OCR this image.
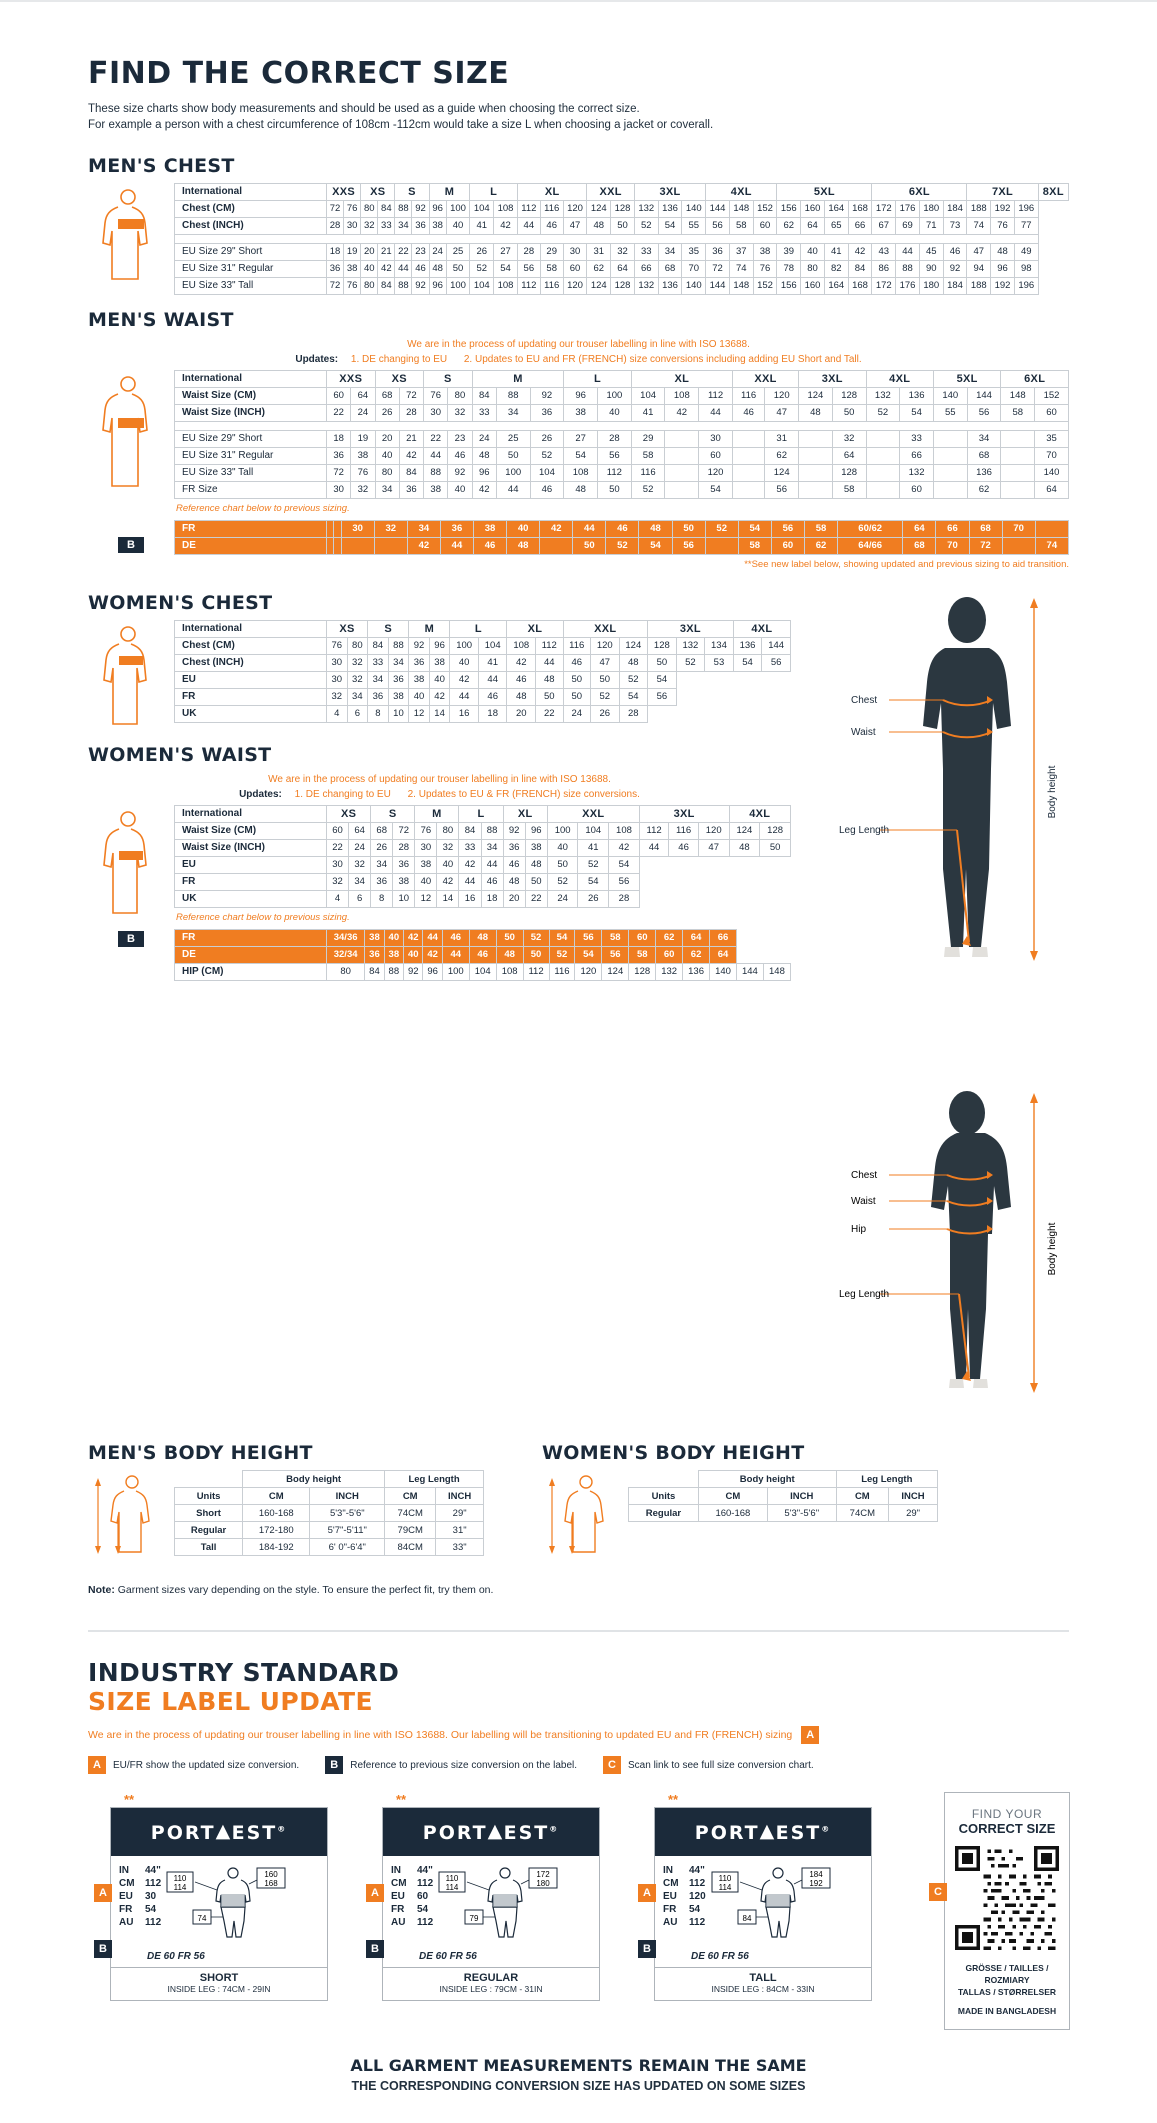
FIND THE CORRECT SIZE
These size charts show body measurements and should be used as a guide when choosing the correct size.
For example a person with a chest circumference of 108cm -112cm would take a size L when choosing a jacket or coverall.
MEN'S CHEST
International	XXS		XS		S		M		L		XL			XXL		3XL			4XL			5XL				6XL				7XL			8XL
Chest (CM)	72	76	80	84	88	92	96	100	104	108	112	116	120	124	128	132	136	140	144	148	152	156	160	164	168	172	176	180	184	188	192	196	
Chest (INCH)	28	30	32	33	34	36	38	40	41	42	44	46	47	48	50	52	54	55	56	58	60	62	64	65	66	67	69	71	73	74	76	77	

EU Size 29" Short	18	19	20	21	22	23	24	25	26	27	28	29	30	31	32	33	34	35	36	37	38	39	40	41	42	43	44	45	46	47	48	49	
EU Size 31" Regular	36	38	40	42	44	46	48	50	52	54	56	58	60	62	64	66	68	70	72	74	76	78	80	82	84	86	88	90	92	94	96	98	
EU Size 33" Tall	72	76	80	84	88	92	96	100	104	108	112	116	120	124	128	132	136	140	144	148	152	156	160	164	168	172	176	180	184	188	192	196	
MEN'S WAIST
We are in the process of updating our trouser labelling in line with ISO 13688.
Updates: 1. DE changing to EU 2. Updates to EU and FR (FRENCH) size conversions including adding EU Short and Tall.
International	XXS		XS		S		M			L		XL			XXL		3XL		4XL		5XL		6XL	
Waist Size (CM)	60	64	68	72	76	80	84	88	92	96	100	104	108	112	116	120	124	128	132	136	140	144	148	152
Waist Size (INCH)	22	24	26	28	30	32	33	34	36	38	40	41	42	44	46	47	48	50	52	54	55	56	58	60

EU Size 29" Short	18	19	20	21	22	23	24	25	26	27	28	29		30		31		32		33		34		35
EU Size 31" Regular	36	38	40	42	44	46	48	50	52	54	56	58		60		62		64		66		68		70
EU Size 33" Tall	72	76	80	84	88	92	96	100	104	108	112	116		120		124		128		132		136		140
FR Size	30	32	34	36	38	40	42	44	46	48	50	52		54		56		58		60		62		64
Reference chart below to previous sizing.
B
FR			30	32	34	36	38	40	42	44	46	48	50	52	54	56	58	60/62	64	66	68	70	
DE					42	44	46	48		50	52	54	56		58	60	62	64/66	68	70	72		74
**See new label below, showing updated and previous sizing to aid transition.
WOMEN'S CHEST
International	XS		S		M		L		XL		XXL			3XL			4XL	
Chest (CM)	76	80	84	88	92	96	100	104	108	112	116	120	124	128	132	134	136	144
Chest (INCH)	30	32	33	34	36	38	40	41	42	44	46	47	48	50	52	53	54	56
EU	30	32	34	36	38	40	42	44	46	48	50	50	52	54				
FR	32	34	36	38	40	42	44	46	48	50	50	52	54	56				
UK	4	6	8	10	12	14	16	18	20	22	24	26	28					
WOMEN'S WAIST
We are in the process of updating our trouser labelling in line with ISO 13688.
Updates: 1. DE changing to EU 2. Updates to EU & FR (FRENCH) size conversions.
International	XS		S		M		L		XL		XXL			3XL			4XL	
Waist Size (CM)	60	64	68	72	76	80	84	88	92	96	100	104	108	112	116	120	124	128
Waist Size (INCH)	22	24	26	28	30	32	33	34	36	38	40	41	42	44	46	47	48	50
EU	30	32	34	36	38	40	42	44	46	48	50	52	54					
FR	32	34	36	38	40	42	44	46	48	50	52	54	56					
UK	4	6	8	10	12	14	16	18	20	22	24	26	28					
Reference chart below to previous sizing.
B	FR	34/36	38	40	42	44	46	48	50	52	54	56	58	60	62	64	66		
DE	32/34	36	38	40	42	44	46	48	50	52	54	56	58	60	62	64		
HIP (CM)	80	84	88	92	96	100	104	108	112	116	120	124	128	132	136	140	144	148
Chest
Waist
Leg Length
Body height

Chest
Waist
Hip
Leg Length
Body height
MEN'S BODY HEIGHT
	Body height		Leg Length	
Units	CM	INCH	CM	INCH
Short	160-168	5'3"-5'6"	74CM	29"
Regular	172-180	5'7"-5'11"	79CM	31"
Tall	184-192	6' 0"-6'4"	84CM	33"
WOMEN'S BODY HEIGHT
	Body height		Leg Length	
Units	CM	INCH	CM	INCH
Regular	160-168	5'3"-5'6"	74CM	29"
Note: Garment sizes vary depending on the style. To ensure the perfect fit, try them on.
INDUSTRY STANDARD
SIZE LABEL UPDATE
We are in the process of updating our trouser labelling in line with ISO 13688. Our labelling will be transitioning to updated EU and FR (FRENCH) sizing A
A	EU/FR show the updated size conversion.	B	Reference to previous size conversion on the label.	C	Scan link to see full size conversion chart.
**
A
B
PORT▲EST®
IN	44"
CM	112
EU	30
FR	54
AU	112
110
114
160
168
74
DE 60 FR 56
SHORT
INSIDE LEG : 74CM - 29IN
**
A
B
PORT▲EST®
IN	44"
CM	112
EU	60
FR	54
AU	112
110
114
172
180
79
DE 60 FR 56
REGULAR
INSIDE LEG : 79CM - 31IN
**
A
B
PORT▲EST®
IN	44"
CM	112
EU	120
FR	54
AU	112
110
114
184
192
84
DE 60 FR 56
TALL
INSIDE LEG : 84CM - 33IN
C
FIND YOUR
CORRECT SIZE
GRÖSSE / TAILLES / ROZMIARY
TALLAS / STØRRELSER
MADE IN BANGLADESH
ALL GARMENT MEASUREMENTS REMAIN THE SAME
THE CORRESPONDING CONVERSION SIZE HAS UPDATED ON SOME SIZES
